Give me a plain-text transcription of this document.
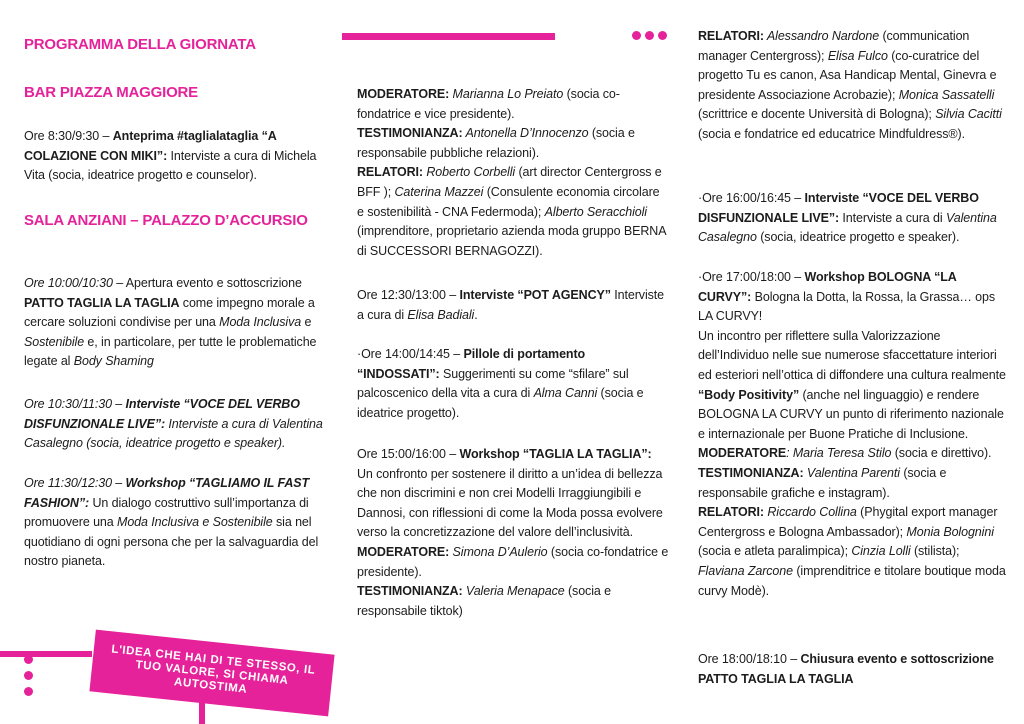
L'IDEA CHE HAI DI TE STESSO, IL TUO VALORE, SI CHIAMA AUTOSTIMA
PROGRAMMA DELLA GIORNATA
BAR PIAZZA MAGGIORE

Ore 8:30/9:30 – Anteprima #taglialataglia “A COLAZIONE CON MIKI”: Interviste a cura di Michela Vita (socia, ideatrice progetto e counselor).

SALA ANZIANI – PALAZZO D’ACCURSIO

Ore 10:00/10:30 – Apertura evento e sottoscrizione PATTO TAGLIA LA TAGLIA come impegno morale a cercare soluzioni condivise per una Moda Inclusiva e Sostenibile e, in particolare, per tutte le problematiche legate al Body Shaming

Ore 10:30/11:30 – Interviste “VOCE DEL VERBO DISFUNZIONALE LIVE”: Interviste a cura di Valentina Casalegno (socia, ideatrice progetto e speaker).

Ore 11:30/12:30 – Workshop “TAGLIAMO IL FAST FASHION”: Un dialogo costruttivo sull’importanza di promuovere una Moda Inclusiva e Sostenibile sia nel quotidiano di ogni persona che per la salvaguardia del nostro pianeta.

MODERATORE: Marianna Lo Preiato (socia co-fondatrice e vice presidente).

TESTIMONIANZA: Antonella D’Innocenzo (socia e responsabile pubbliche relazioni).

RELATORI: Roberto Corbelli (art director Centergross e BFF ); Caterina Mazzei (Consulente economia circolare e sostenibilità - CNA Federmoda); Alberto Seracchioli (imprenditore, proprietario azienda moda gruppo BERNA di SUCCESSORI BERNAGOZZI).

Ore 12:30/13:00 – Interviste “POT AGENCY” Interviste a cura di Elisa Badiali.

·Ore 14:00/14:45 – Pillole di portamento “INDOSSATI”: Suggerimenti su come “sfilare” sul palcoscenico della vita a cura di Alma Canni (socia e ideatrice progetto).

Ore 15:00/16:00 – Workshop “TAGLIA LA TAGLIA”: Un confronto per sostenere il diritto a un’idea di bellezza che non discrimini e non crei Modelli Irraggiungibili e Dannosi, con riflessioni di come la Moda possa evolvere verso la concretizzazione del valore dell’inclusività.

MODERATORE: Simona D’Aulerio (socia co-fondatrice e presidente).

TESTIMONIANZA: Valeria Menapace (socia e responsabile tiktok)

RELATORI: Alessandro Nardone (communication manager Centergross); Elisa Fulco (co-curatrice del progetto Tu es canon, Asa Handicap Mental, Ginevra e presidente Associazione Acrobazie); Monica Sassatelli (scrittrice e docente Università di Bologna); Silvia Cacitti (socia e fondatrice ed educatrice Mindfuldress®).

·Ore 16:00/16:45 – Interviste “VOCE DEL VERBO DISFUNZIONALE LIVE”: Interviste a cura di Valentina Casalegno (socia, ideatrice progetto e speaker).

·Ore 17:00/18:00 – Workshop BOLOGNA “LA CURVY”: Bologna la Dotta, la Rossa, la Grassa… ops LA CURVY!

Un incontro per riflettere sulla Valorizzazione dell’Individuo nelle sue numerose sfaccettature interiori ed esteriori nell’ottica di diffondere una cultura realmente “Body Positivity” (anche nel linguaggio) e rendere BOLOGNA LA CURVY un punto di riferimento nazionale e internazionale per Buone Pratiche di Inclusione.

MODERATORE: Maria Teresa Stilo (socia e direttivo).

TESTIMONIANZA: Valentina Parenti (socia e responsabile grafiche e instagram).

RELATORI: Riccardo Collina (Phygital export manager Centergross e Bologna Ambassador); Monia Bolognini (socia e atleta paralimpica); Cinzia Lolli (stilista); Flaviana Zarcone (imprenditrice e titolare boutique moda curvy Modè).

Ore 18:00/18:10 – Chiusura evento e sottoscrizione PATTO TAGLIA LA TAGLIA
